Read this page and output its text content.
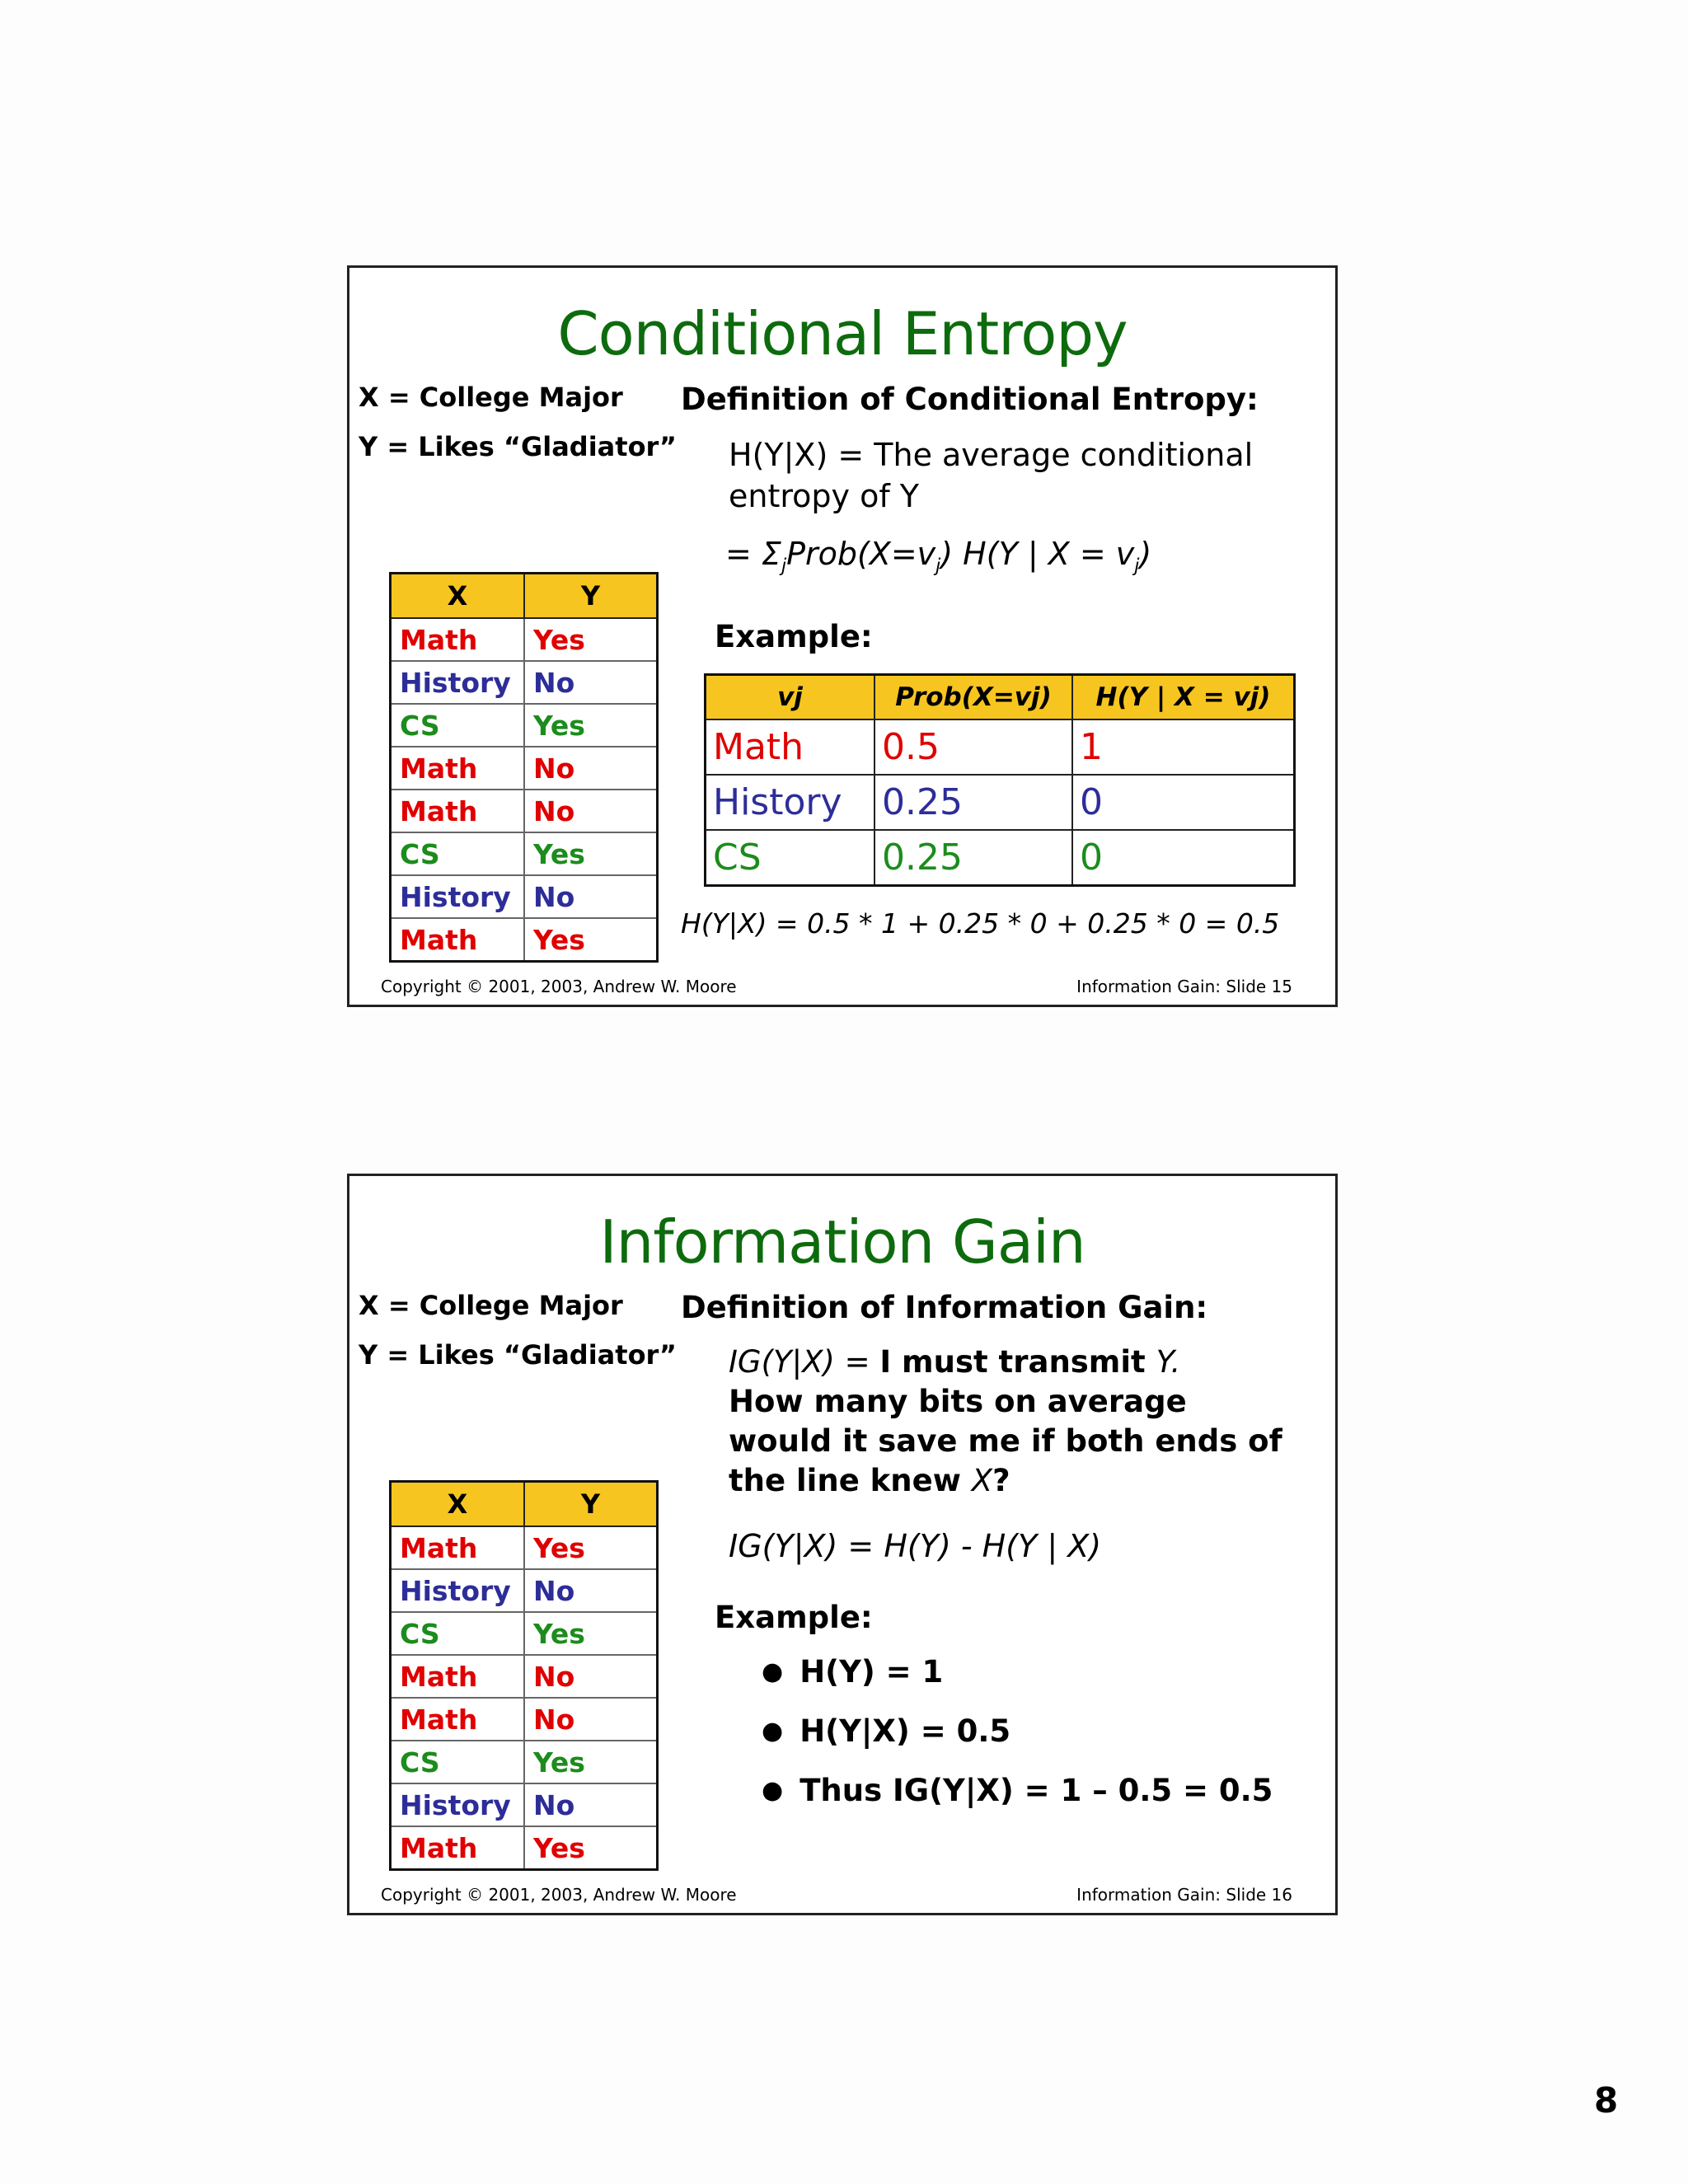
Conditional Entropy
X = College Major
Y = Likes “Gladiator”
X	Y
Math	Yes
History	No
CS	Yes
Math	No
Math	No
CS	Yes
History	No
Math	Yes
Definition of Conditional Entropy:
H(Y|X) = The average conditional
entropy of Y
= $\Sigma_jProb(X=v_j)$ H(Y | $X = v_j$)
Example:
vj	Prob(X=vj)	H(Y | X = vj)
Math	0.5	1
History	0.25	0
CS	0.25	0
H(Y|X) = 0.5 * 1 + 0.25 * 0 + 0.25 * 0 = 0.5
Copyright © 2001, 2003, Andrew W. Moore	Information Gain: Slide 15
Information Gain
X = College Major
Y = Likes “Gladiator”
X	Y
Math	Yes
History	No
CS	Yes
Math	No
Math	No
CS	Yes
History	No
Math	Yes
Definition of Information Gain:
IG(Y|X) = I must transmit Y.
How many bits on average
would it save me if both ends of
the line knew X?
IG(Y|X) = H(Y) - H(Y | X)
Example:
● H(Y) = 1
● H(Y|X) = 0.5
● Thus IG(Y|X) = 1 – 0.5 = 0.5
Copyright © 2001, 2003, Andrew W. Moore	Information Gain: Slide 16
8
